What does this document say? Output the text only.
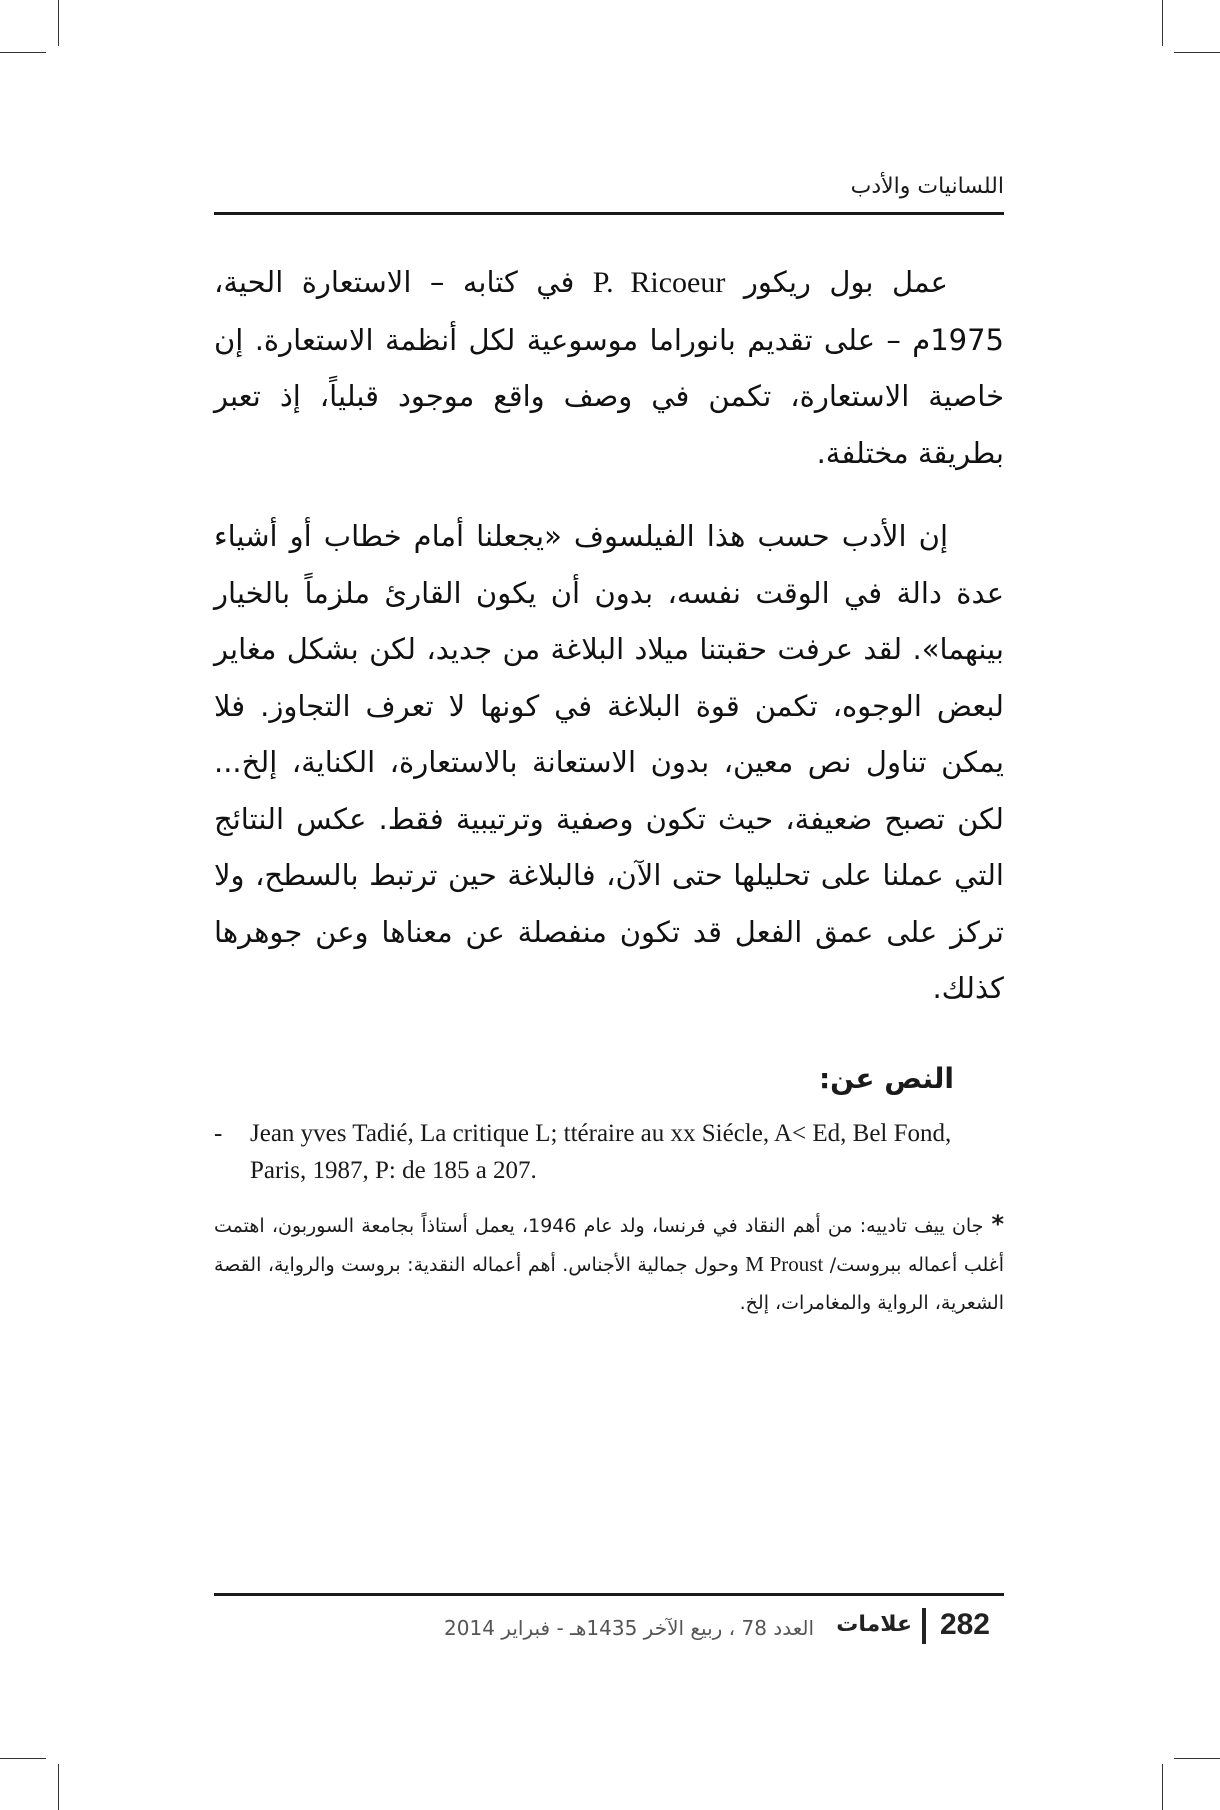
اللسانيات والأدب

عمل بول ريكور P. Ricoeur في كتابه – الاستعارة الحية، 1975م – على تقديم بانوراما موسوعية لكل أنظمة الاستعارة. إن خاصية الاستعارة، تكمن في وصف واقع موجود قبلياً، إذ تعبر بطريقة مختلفة.

إن الأدب حسب هذا الفيلسوف «يجعلنا أمام خطاب أو أشياء عدة دالة في الوقت نفسه، بدون أن يكون القارئ ملزماً بالخيار بينهما». لقد عرفت حقبتنا ميلاد البلاغة من جديد، لكن بشكل مغاير لبعض الوجوه، تكمن قوة البلاغة في كونها لا تعرف التجاوز. فلا يمكن تناول نص معين، بدون الاستعانة بالاستعارة، الكناية، إلخ... لكن تصبح ضعيفة، حيث تكون وصفية وترتيبية فقط. عكس النتائج التي عملنا على تحليلها حتى الآن، فالبلاغة حين ترتبط بالسطح، ولا تركز على عمق الفعل قد تكون منفصلة عن معناها وعن جوهرها كذلك.

النص عن:
- Jean yves Tadié, La critique L; ttéraire au xx Siécle, A< Ed, Bel Fond, Paris, 1987, P: de 185 a 207.
*جان ييف تادييه: من أهم النقاد في فرنسا، ولد عام 1946، يعمل أستاذاً بجامعة السوربون، اهتمت أغلب أعماله ببروست/ M Proust وحول جمالية الأجناس. أهم أعماله النقدية: بروست والرواية، القصة الشعرية، الرواية والمغامرات، إلخ.
282
علامات
العدد 78 ، ربيع الآخر 1435هـ - فبراير 2014
